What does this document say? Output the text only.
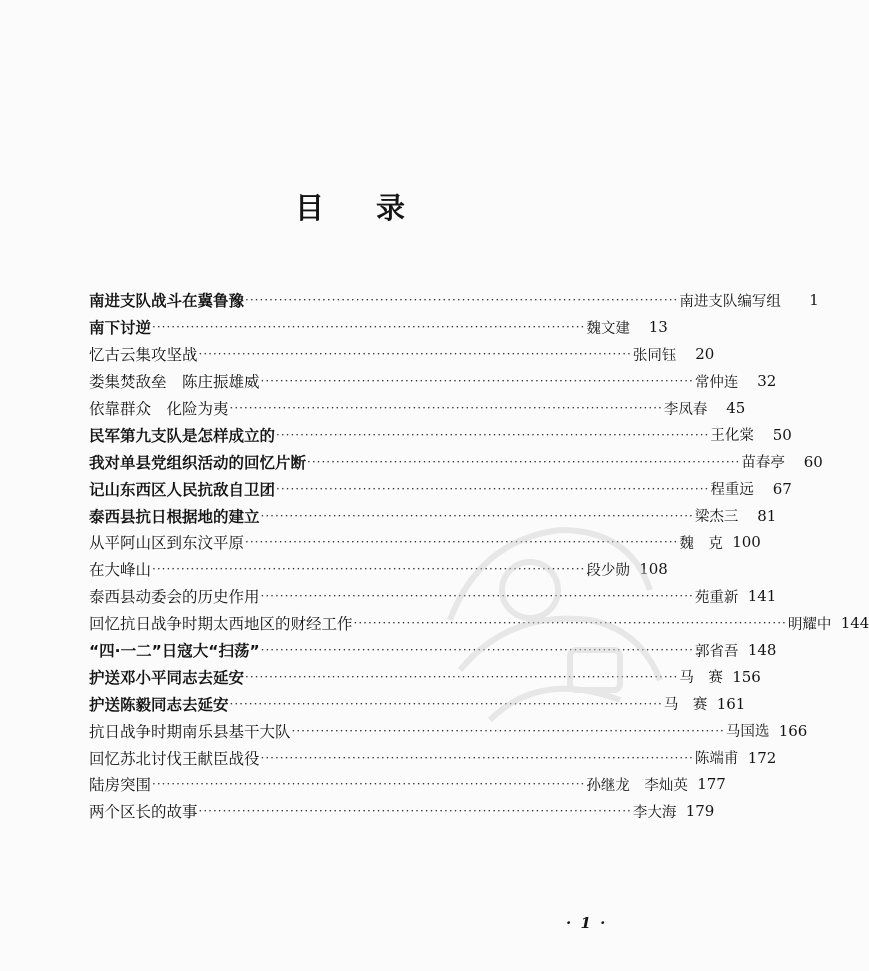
目录
南进支队战斗在冀鲁豫 ·························································································· 南进支队编写组	1
南下讨逆 ·························································································· 魏文建	13
忆古云集攻坚战 ·························································································· 张同钰	20
娄集焚敌垒　陈庄振雄威 ·························································································· 常仲连	32
依靠群众　化险为夷 ·························································································· 李凤春	45
民军第九支队是怎样成立的 ·························································································· 王化棠	50
我对单县党组织活动的回忆片断 ·························································································· 苗春亭	60
记山东西区人民抗敌自卫团 ·························································································· 程重远	67
泰西县抗日根据地的建立 ·························································································· 梁杰三	81
从平阿山区到东汶平原 ·························································································· 魏　克 100
在大峰山 ·························································································· 段少勋 108
泰西县动委会的历史作用 ·························································································· 苑重新 141
回忆抗日战争时期太西地区的财经工作 ·························································································· 明耀中 144
“四·一二”日寇大“扫荡” ·························································································· 郭省吾 148
护送邓小平同志去延安 ·························································································· 马　赛 156
护送陈毅同志去延安 ·························································································· 马　赛 161
抗日战争时期南乐县基干大队 ·························································································· 马国选 166
回忆苏北讨伐王献臣战役 ·························································································· 陈端甫 172
陆房突围 ·························································································· 孙继龙　李灿英 177
两个区长的故事 ·························································································· 李大海 179
· 1 ·
